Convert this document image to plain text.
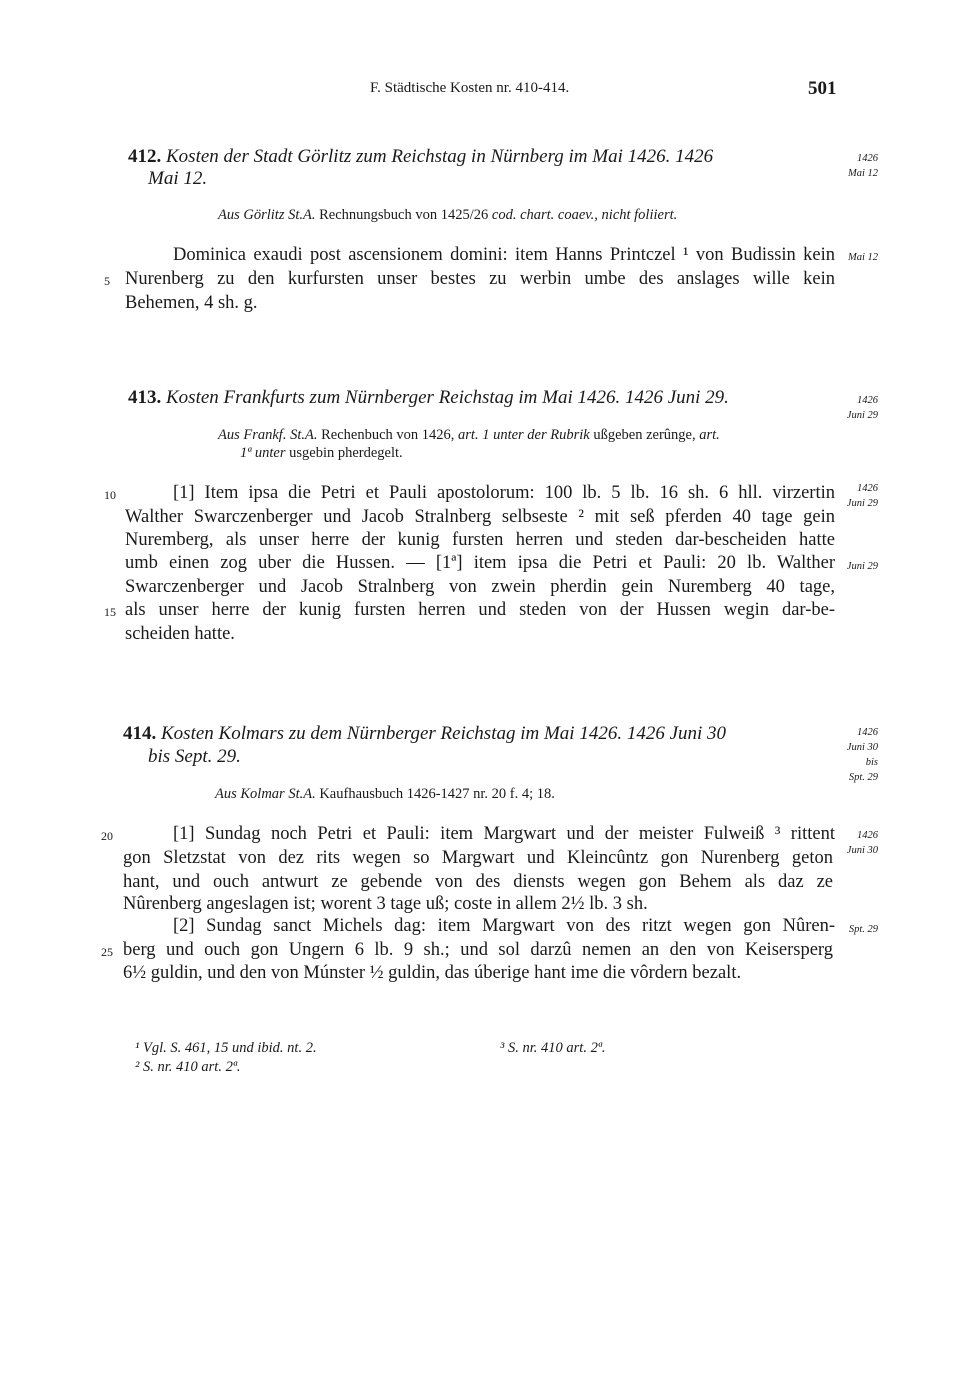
F. Städtische Kosten nr. 410-414.	501
412. Kosten der Stadt Görlitz zum Reichstag in Nürnberg im Mai 1426. 1426
Mai 12.
1426
Mai 12
Aus Görlitz St.A. Rechnungsbuch von 1425/26 cod. chart. coaev., nicht foliiert.
Dominica exaudi post ascensionem domini: item Hanns Printczel ¹ von Budissin kein
Nurenberg zu den kurfursten unser bestes zu werbin umbe des anslages wille kein
Behemen, 4 sh. g.
5
Mai 12
413. Kosten Frankfurts zum Nürnberger Reichstag im Mai 1426. 1426 Juni 29.	1426
Juni 29
Aus Frankf. St.A. Rechenbuch von 1426, art. 1 unter der Rubrik ußgeben zerûnge, art.
1ª unter usgebin pherdegelt.
[1] Item ipsa die Petri et Pauli apostolorum: 100 lb. 5 lb. 16 sh. 6 hll. virzertin
Walther Swarczenberger und Jacob Stralnberg selbseste ² mit seß pferden 40 tage gein
Nuremberg, als unser herre der kunig fursten herren und steden dar-bescheiden hatte
umb einen zog uber die Hussen. — [1ª] item ipsa die Petri et Pauli: 20 lb. Walther
Swarczenberger und Jacob Stralnberg von zwein pherdin gein Nuremberg 40 tage,
als unser herre der kunig fursten herren und steden von der Hussen wegin dar-be-
scheiden hatte.
10
15
1426
Juni 29
Juni 29
414. Kosten Kolmars zu dem Nürnberger Reichstag im Mai 1426. 1426 Juni 30
bis Sept. 29.
1426
Juni 30
bis
Spt. 29
Aus Kolmar St.A. Kaufhausbuch 1426-1427 nr. 20 f. 4; 18.
[1] Sundag noch Petri et Pauli: item Margwart und der meister Fulweiß ³ rittent
gon Sletzstat von dez rits wegen so Margwart und Kleincûntz gon Nurenberg geton
hant, und ouch antwurt ze gebende von des diensts wegen gon Behem als daz ze
Nûrenberg angeslagen ist; worent 3 tage uß; coste in allem 2½ lb. 3 sh.
[2] Sundag sanct Michels dag: item Margwart von des ritzt wegen gon Nûren-
berg und ouch gon Ungern 6 lb. 9 sh.; und sol darzû nemen an den von Keisersperg
6½ guldin, und den von Múnster ½ guldin, das úberige hant ime die vôrdern bezalt.
20
25
1426
Juni 30
Spt. 29
¹ Vgl. S. 461, 15 und ibid. nt. 2.
² S. nr. 410 art. 2ª.
³ S. nr. 410 art. 2ª.
